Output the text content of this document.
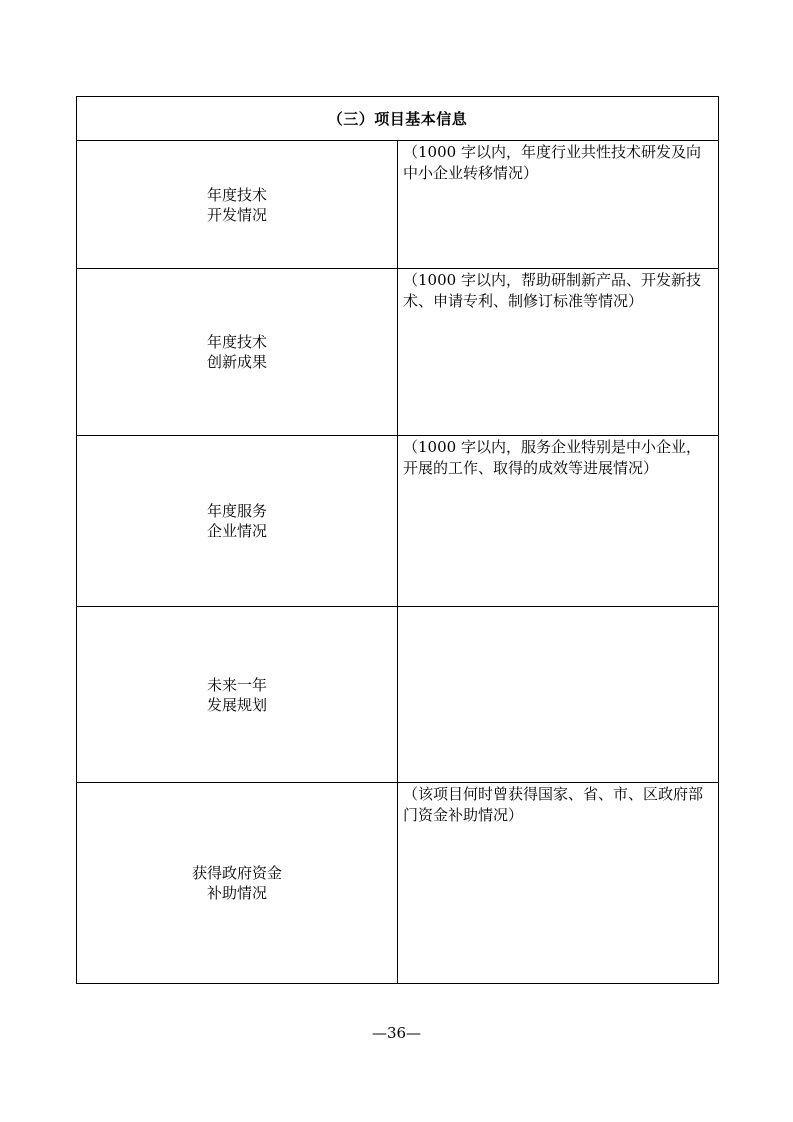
（三）项目基本信息	

年度技术
开发情况	（1000 字以内，年度行业共性技术研发及向中小企业转移情况）

年度技术
创新成果	（1000 字以内，帮助研制新产品、开发新技术、申请专利、制修订标准等情况）

年度服务
企业情况	（1000 字以内，服务企业特别是中小企业，开展的工作、取得的成效等进展情况）

未来一年
发展规划	

获得政府资金
补助情况	（该项目何时曾获得国家、省、市、区政府部门资金补助情况）
—36—
